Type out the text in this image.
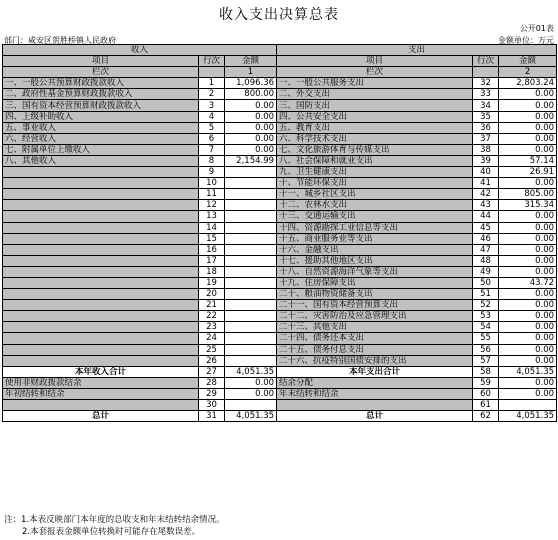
收入支出决算总表
公开01表
部门：咸安区贺胜桥镇人民政府	金额单位：万元
收入			支出		
项目	行次	金额	项目	行次	金额
栏次		1	栏次		2
一、一般公共预算财政拨款收入	1	1,096.36	一、一般公共服务支出	32	2,803.24
二、政府性基金预算财政拨款收入	2	800.00	二、外交支出	33	0.00
三、国有资本经营预算财政拨款收入	3	0.00	三、国防支出	34	0.00
四、上级补助收入	4	0.00	四、公共安全支出	35	0.00
五、事业收入	5	0.00	五、教育支出	36	0.00
六、经营收入	6	0.00	六、科学技术支出	37	0.00
七、附属单位上缴收入	7	0.00	七、文化旅游体育与传媒支出	38	0.00
八、其他收入	8	2,154.99	八、社会保障和就业支出	39	57.14
	9		九、卫生健康支出	40	26.91
	10		十、节能环保支出	41	0.00
	11		十一、城乡社区支出	42	805.00
	12		十二、农林水支出	43	315.34
	13		十三、交通运输支出	44	0.00
	14		十四、资源勘探工业信息等支出	45	0.00
	15		十五、商业服务业等支出	46	0.00
	16		十六、金融支出	47	0.00
	17		十七、援助其他地区支出	48	0.00
	18		十八、自然资源海洋气象等支出	49	0.00
	19		十九、住房保障支出	50	43.72
	20		二十、粮油物资储备支出	51	0.00
	21		二十一、国有资本经营预算支出	52	0.00
	22		二十二、灾害防治及应急管理支出	53	0.00
	23		二十三、其他支出	54	0.00
	24		二十四、债务还本支出	55	0.00
	25		二十五、债务付息支出	56	0.00
	26		二十六、抗疫特别国债安排的支出	57	0.00
本年收入合计	27	4,051.35	本年支出合计	58	4,051.35
使用非财政拨款结余	28	0.00	结余分配	59	0.00
年初结转和结余	29	0.00	年末结转和结余	60	0.00
	30			61	
总计	31	4,051.35	总计	62	4,051.35
注：1.本表反映部门本年度的总收支和年末结转结余情况。
2.本套报表金额单位转换时可能存在尾数误差。
